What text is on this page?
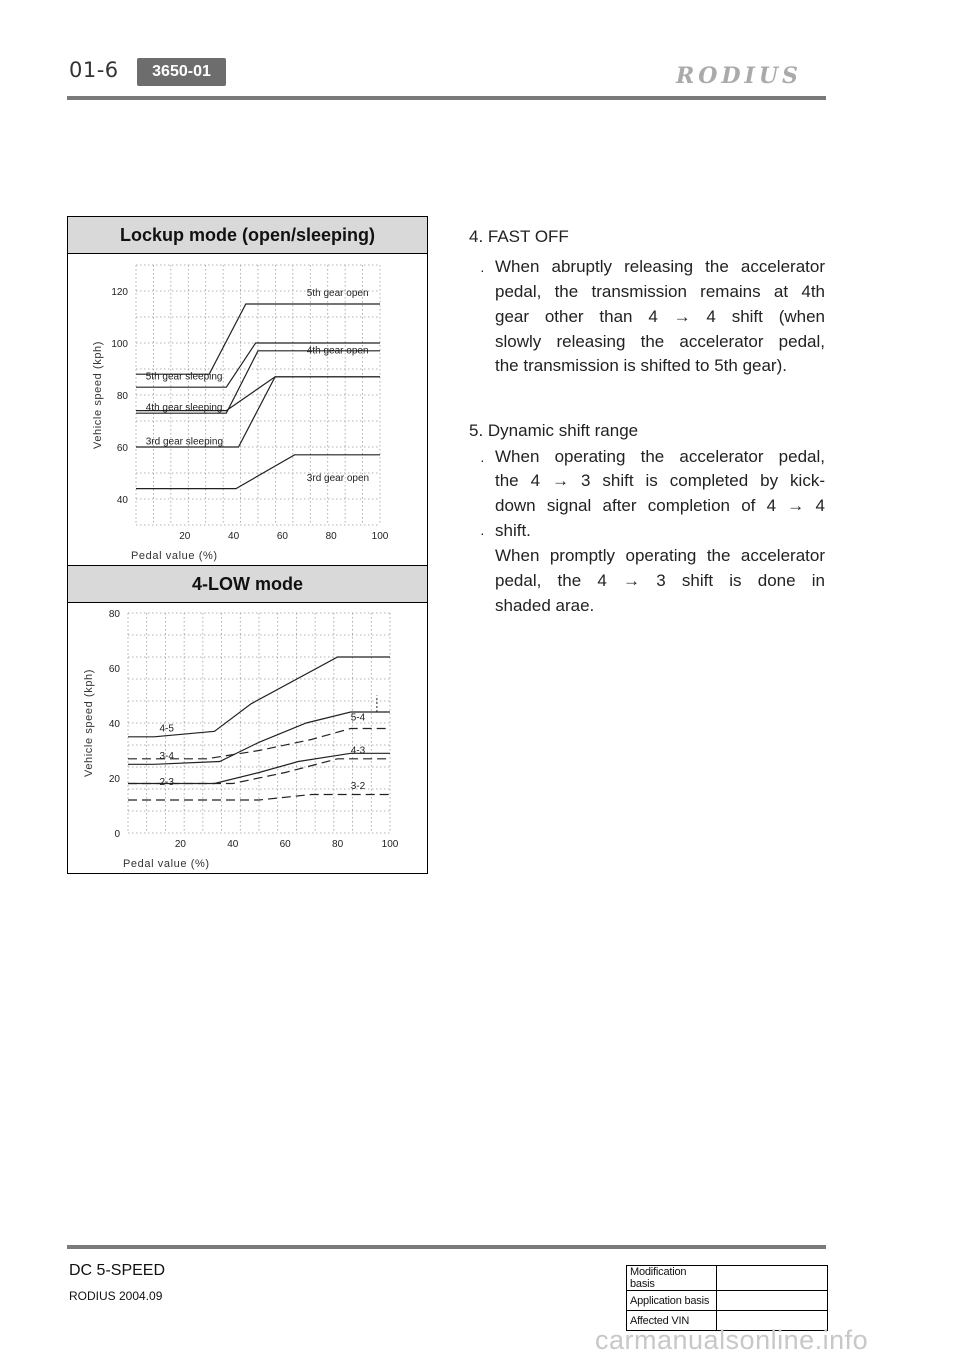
01-6	3650-01	RODIUS
Lockup mode (open/sleeping)
20	40	60	80	100
40
60
80
100
120
Pedal value (%)
Vehicle speed (kph)
5th gear open
5th gear sleeping
4th gear open
4th gear sleeping
3rd gear sleeping
3rd gear open
4-LOW mode
20	40	60	80	100
0
20
40
60
80
Pedal value (%)
Vehicle speed (kph)	4-5
3-4
2-3
5-4
4-3
3-2
4. FAST OFF
· When abruptly releasing the accelerator
pedal, the transmission remains at 4th
gear other than 4 → 4 shift (when
slowly releasing the accelerator pedal,
the transmission is shifted to 5th gear).
5. Dynamic shift range
· When operating the accelerator pedal,
the 4 → 3 shift is completed by kick-
down signal after completion of 4 → 4
· shift.
When promptly operating the accelerator
pedal, the 4 → 3 shift is done in
shaded arae.
DC 5-SPEED
RODIUS 2004.09
Modification basis	
Application basis	
Affected VIN	
carmanualsonline.info
